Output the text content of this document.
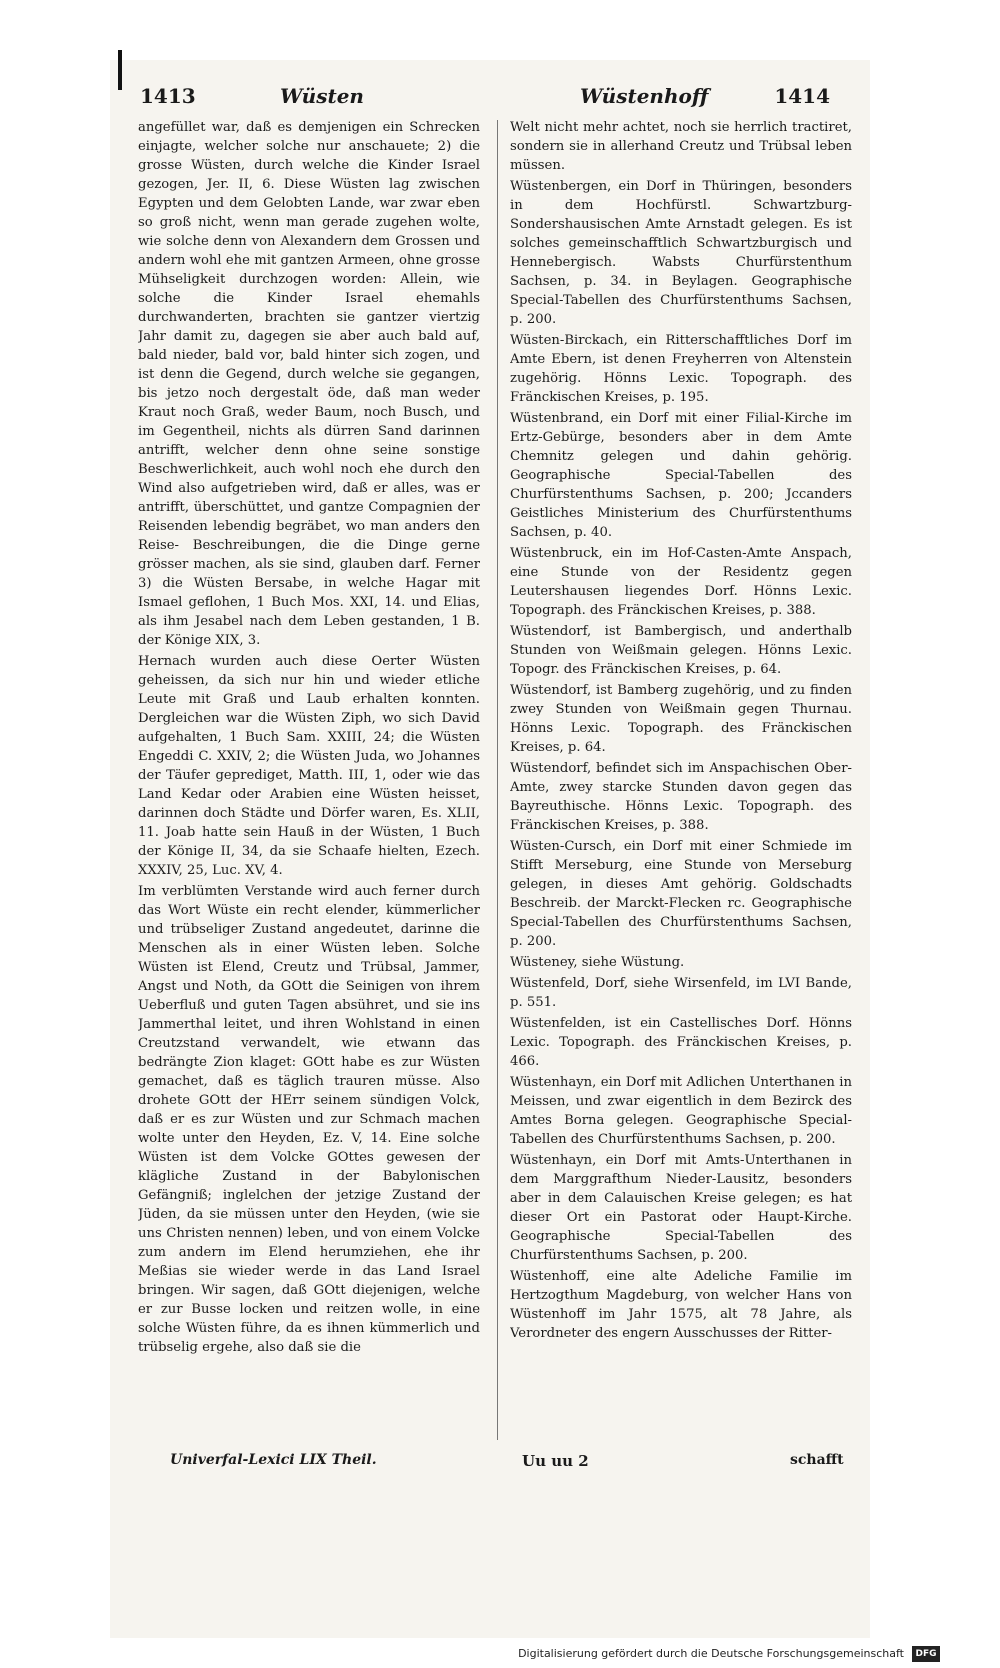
1413	Wüsten	Wüstenhoff	1414

angefüllet war, daß es demjenigen ein Schrecken einjagte, welcher solche nur anschauete; 2) die grosse Wüsten, durch welche die Kinder Israel gezogen, Jer. II, 6. Diese Wüsten lag zwischen Egypten und dem Gelobten Lande, war zwar eben so groß nicht, wenn man gerade zugehen wolte, wie solche denn von Alexandern dem Grossen und andern wohl ehe mit gantzen Armeen, ohne grosse Mühseligkeit durchzogen worden: Allein, wie solche die Kinder Israel ehemahls durchwanderten, brachten sie gantzer viertzig Jahr damit zu, dagegen sie aber auch bald auf, bald nieder, bald vor, bald hinter sich zogen, und ist denn die Gegend, durch welche sie gegangen, bis jetzo noch dergestalt öde, daß man weder Kraut noch Graß, weder Baum, noch Busch, und im Gegentheil, nichts als dürren Sand darinnen antrifft, welcher denn ohne seine sonstige Beschwerlichkeit, auch wohl noch ehe durch den Wind also aufgetrieben wird, daß er alles, was er antrifft, überschüttet, und gantze Compagnien der Reisenden lebendig begräbet, wo man anders den Reise- Beschreibungen, die die Dinge gerne grösser machen, als sie sind, glauben darf. Ferner 3) die Wüsten Bersabe, in welche Hagar mit Ismael geflohen, 1 Buch Mos. XXI, 14. und Elias, als ihm Jesabel nach dem Leben gestanden, 1 B. der Könige XIX, 3.

Hernach wurden auch diese Oerter Wüsten geheissen, da sich nur hin und wieder etliche Leute mit Graß und Laub erhalten konnten. Dergleichen war die Wüsten Ziph, wo sich David aufgehalten, 1 Buch Sam. XXIII, 24; die Wüsten Engeddi C. XXIV, 2; die Wüsten Juda, wo Johannes der Täufer geprediget, Matth. III, 1, oder wie das Land Kedar oder Arabien eine Wüsten heisset, darinnen doch Städte und Dörfer waren, Es. XLII, 11. Joab hatte sein Hauß in der Wüsten, 1 Buch der Könige II, 34, da sie Schaafe hielten, Ezech. XXXIV, 25, Luc. XV, 4.

Im verblümten Verstande wird auch ferner durch das Wort Wüste ein recht elender, kümmerlicher und trübseliger Zustand angedeutet, darinne die Menschen als in einer Wüsten leben. Solche Wüsten ist Elend, Creutz und Trübsal, Jammer, Angst und Noth, da GOtt die Seinigen von ihrem Ueberfluß und guten Tagen absühret, und sie ins Jammerthal leitet, und ihren Wohlstand in einen Creutzstand verwandelt, wie etwann das bedrängte Zion klaget: GOtt habe es zur Wüsten gemachet, daß es täglich trauren müsse. Also drohete GOtt der HErr seinem sündigen Volck, daß er es zur Wüsten und zur Schmach machen wolte unter den Heyden, Ez. V, 14. Eine solche Wüsten ist dem Volcke GOttes gewesen der klägliche Zustand in der Babylonischen Gefängniß; inglelchen der jetzige Zustand der Jüden, da sie müssen unter den Heyden, (wie sie uns Christen nennen) leben, und von einem Volcke zum andern im Elend herumziehen, ehe ihr Meßias sie wieder werde in das Land Israel bringen. Wir sagen, daß GOtt diejenigen, welche er zur Busse locken und reitzen wolle, in eine solche Wüsten führe, da es ihnen kümmerlich und trübselig ergehe, also daß sie die

Welt nicht mehr achtet, noch sie herrlich tractiret, sondern sie in allerhand Creutz und Trübsal leben müssen.

Wüstenbergen, ein Dorf in Thüringen, besonders in dem Hochfürstl. Schwartzburg-Sondershausischen Amte Arnstadt gelegen. Es ist solches gemeinschafftlich Schwartzburgisch und Hennebergisch. Wabsts Churfürstenthum Sachsen, p. 34. in Beylagen. Geographische Special-Tabellen des Churfürstenthums Sachsen, p. 200.

Wüsten-Birckach, ein Ritterschafftliches Dorf im Amte Ebern, ist denen Freyherren von Altenstein zugehörig. Hönns Lexic. Topograph. des Fränckischen Kreises, p. 195.

Wüstenbrand, ein Dorf mit einer Filial-Kirche im Ertz-Gebürge, besonders aber in dem Amte Chemnitz gelegen und dahin gehörig. Geographische Special-Tabellen des Churfürstenthums Sachsen, p. 200; Jccanders Geistliches Ministerium des Churfürstenthums Sachsen, p. 40.

Wüstenbruck, ein im Hof-Casten-Amte Anspach, eine Stunde von der Residentz gegen Leutershausen liegendes Dorf. Hönns Lexic. Topograph. des Fränckischen Kreises, p. 388.

Wüstendorf, ist Bambergisch, und anderthalb Stunden von Weißmain gelegen. Hönns Lexic. Topogr. des Fränckischen Kreises, p. 64.

Wüstendorf, ist Bamberg zugehörig, und zu finden zwey Stunden von Weißmain gegen Thurnau. Hönns Lexic. Topograph. des Fränckischen Kreises, p. 64.

Wüstendorf, befindet sich im Anspachischen Ober-Amte, zwey starcke Stunden davon gegen das Bayreuthische. Hönns Lexic. Topograph. des Fränckischen Kreises, p. 388.

Wüsten-Cursch, ein Dorf mit einer Schmiede im Stifft Merseburg, eine Stunde von Merseburg gelegen, in dieses Amt gehörig. Goldschadts Beschreib. der Marckt-Flecken rc. Geographische Special-Tabellen des Churfürstenthums Sachsen, p. 200.

Wüsteney, siehe Wüstung.

Wüstenfeld, Dorf, siehe Wirsenfeld, im LVI Bande, p. 551.

Wüstenfelden, ist ein Castellisches Dorf. Hönns Lexic. Topograph. des Fränckischen Kreises, p. 466.

Wüstenhayn, ein Dorf mit Adlichen Unterthanen in Meissen, und zwar eigentlich in dem Bezirck des Amtes Borna gelegen. Geographische Special-Tabellen des Churfürstenthums Sachsen, p. 200.

Wüstenhayn, ein Dorf mit Amts-Unterthanen in dem Marggrafthum Nieder-Lausitz, besonders aber in dem Calauischen Kreise gelegen; es hat dieser Ort ein Pastorat oder Haupt-Kirche. Geographische Special-Tabellen des Churfürstenthums Sachsen, p. 200.

Wüstenhoff, eine alte Adeliche Familie im Hertzogthum Magdeburg, von welcher Hans von Wüstenhoff im Jahr 1575, alt 78 Jahre, als Verordneter des engern Ausschusses der Ritter-

Univerfal-Lexici LIX Theil.	Uu uu 2	schafft
Digitalisierung gefördert durch die Deutsche Forschungsgemeinschaft	DFG
